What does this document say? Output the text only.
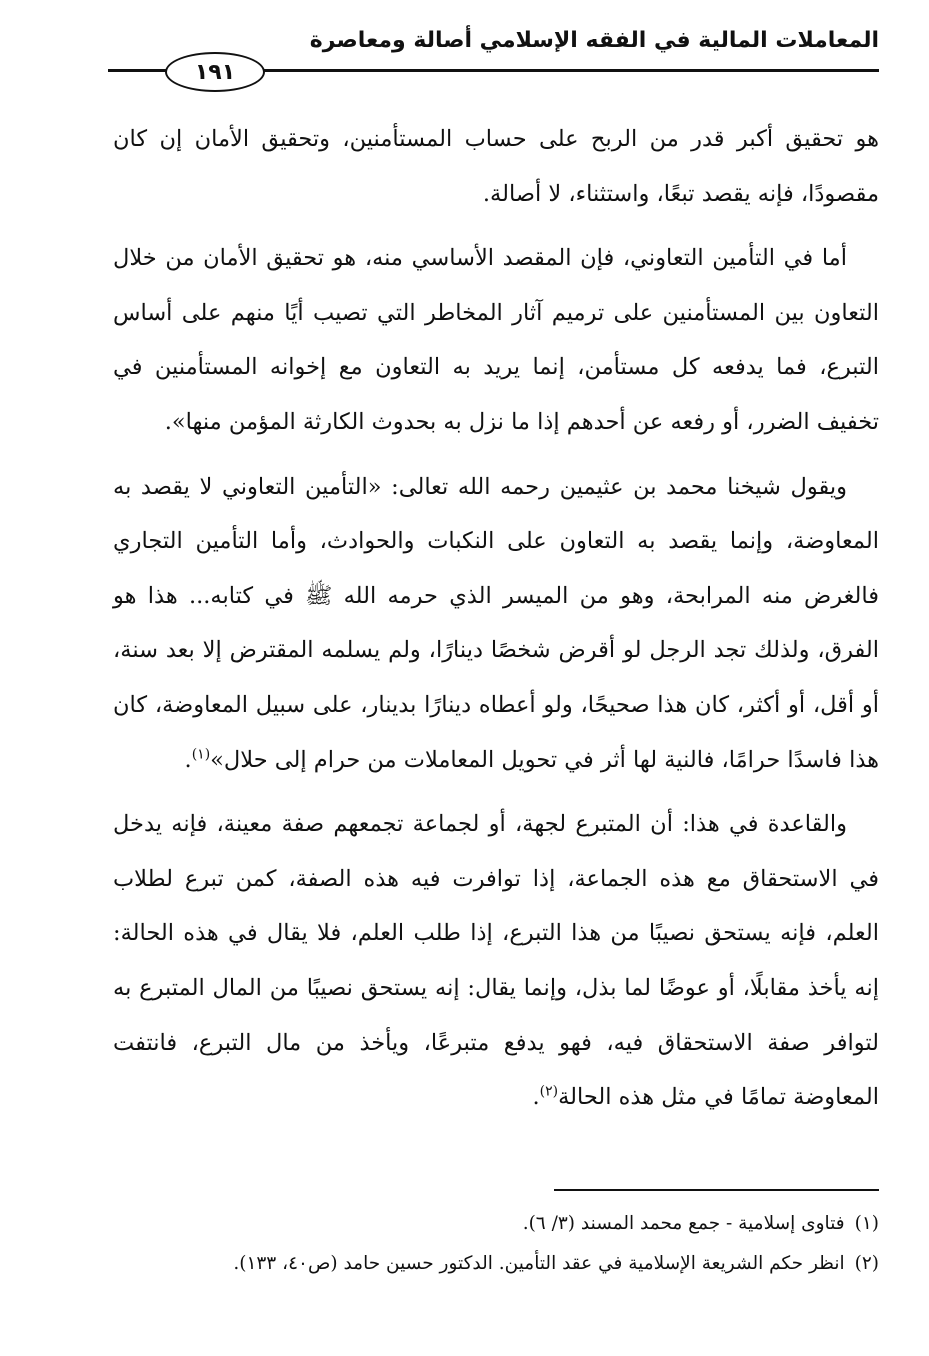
المعاملات المالية في الفقه الإسلامي أصالة ومعاصرة
١٩١

هو تحقيق أكبر قدر من الربح على حساب المستأمنين، وتحقيق الأمان إن كان مقصودًا، فإنه يقصد تبعًا، واستثناء، لا أصالة.

أما في التأمين التعاوني، فإن المقصد الأساسي منه، هو تحقيق الأمان من خلال التعاون بين المستأمنين على ترميم آثار المخاطر التي تصيب أيًا منهم على أساس التبرع، فما يدفعه كل مستأمن، إنما يريد به التعاون مع إخوانه المستأمنين في تخفيف الضرر، أو رفعه عن أحدهم إذا ما نزل به بحدوث الكارثة المؤمن منها».

ويقول شيخنا محمد بن عثيمين رحمه الله تعالى: «التأمين التعاوني لا يقصد به المعاوضة، وإنما يقصد به التعاون على النكبات والحوادث، وأما التأمين التجاري فالغرض منه المرابحة، وهو من الميسر الذي حرمه الله ﷺ في كتابه... هذا هو الفرق، ولذلك تجد الرجل لو أقرض شخصًا دينارًا، ولم يسلمه المقترض إلا بعد سنة، أو أقل، أو أكثر، كان هذا صحيحًا، ولو أعطاه دينارًا بدينار، على سبيل المعاوضة، كان هذا فاسدًا حرامًا، فالنية لها أثر في تحويل المعاملات من حرام إلى حلال»$^{(١)}$.

والقاعدة في هذا: أن المتبرع لجهة، أو لجماعة تجمعهم صفة معينة، فإنه يدخل في الاستحقاق مع هذه الجماعة، إذا توافرت فيه هذه الصفة، كمن تبرع لطلاب العلم، فإنه يستحق نصيبًا من هذا التبرع، إذا طلب العلم، فلا يقال في هذه الحالة: إنه يأخذ مقابلًا، أو عوضًا لما بذل، وإنما يقال: إنه يستحق نصيبًا من المال المتبرع به لتوافر صفة الاستحقاق فيه، فهو يدفع متبرعًا، ويأخذ من مال التبرع، فانتفت المعاوضة تمامًا في مثل هذه الحالة$^{(٢)}$.

(١)فتاوى إسلامية - جمع محمد المسند (٣/ ٦).

(٢)انظر حكم الشريعة الإسلامية في عقد التأمين. الدكتور حسين حامد (ص٤٠، ١٣٣).
